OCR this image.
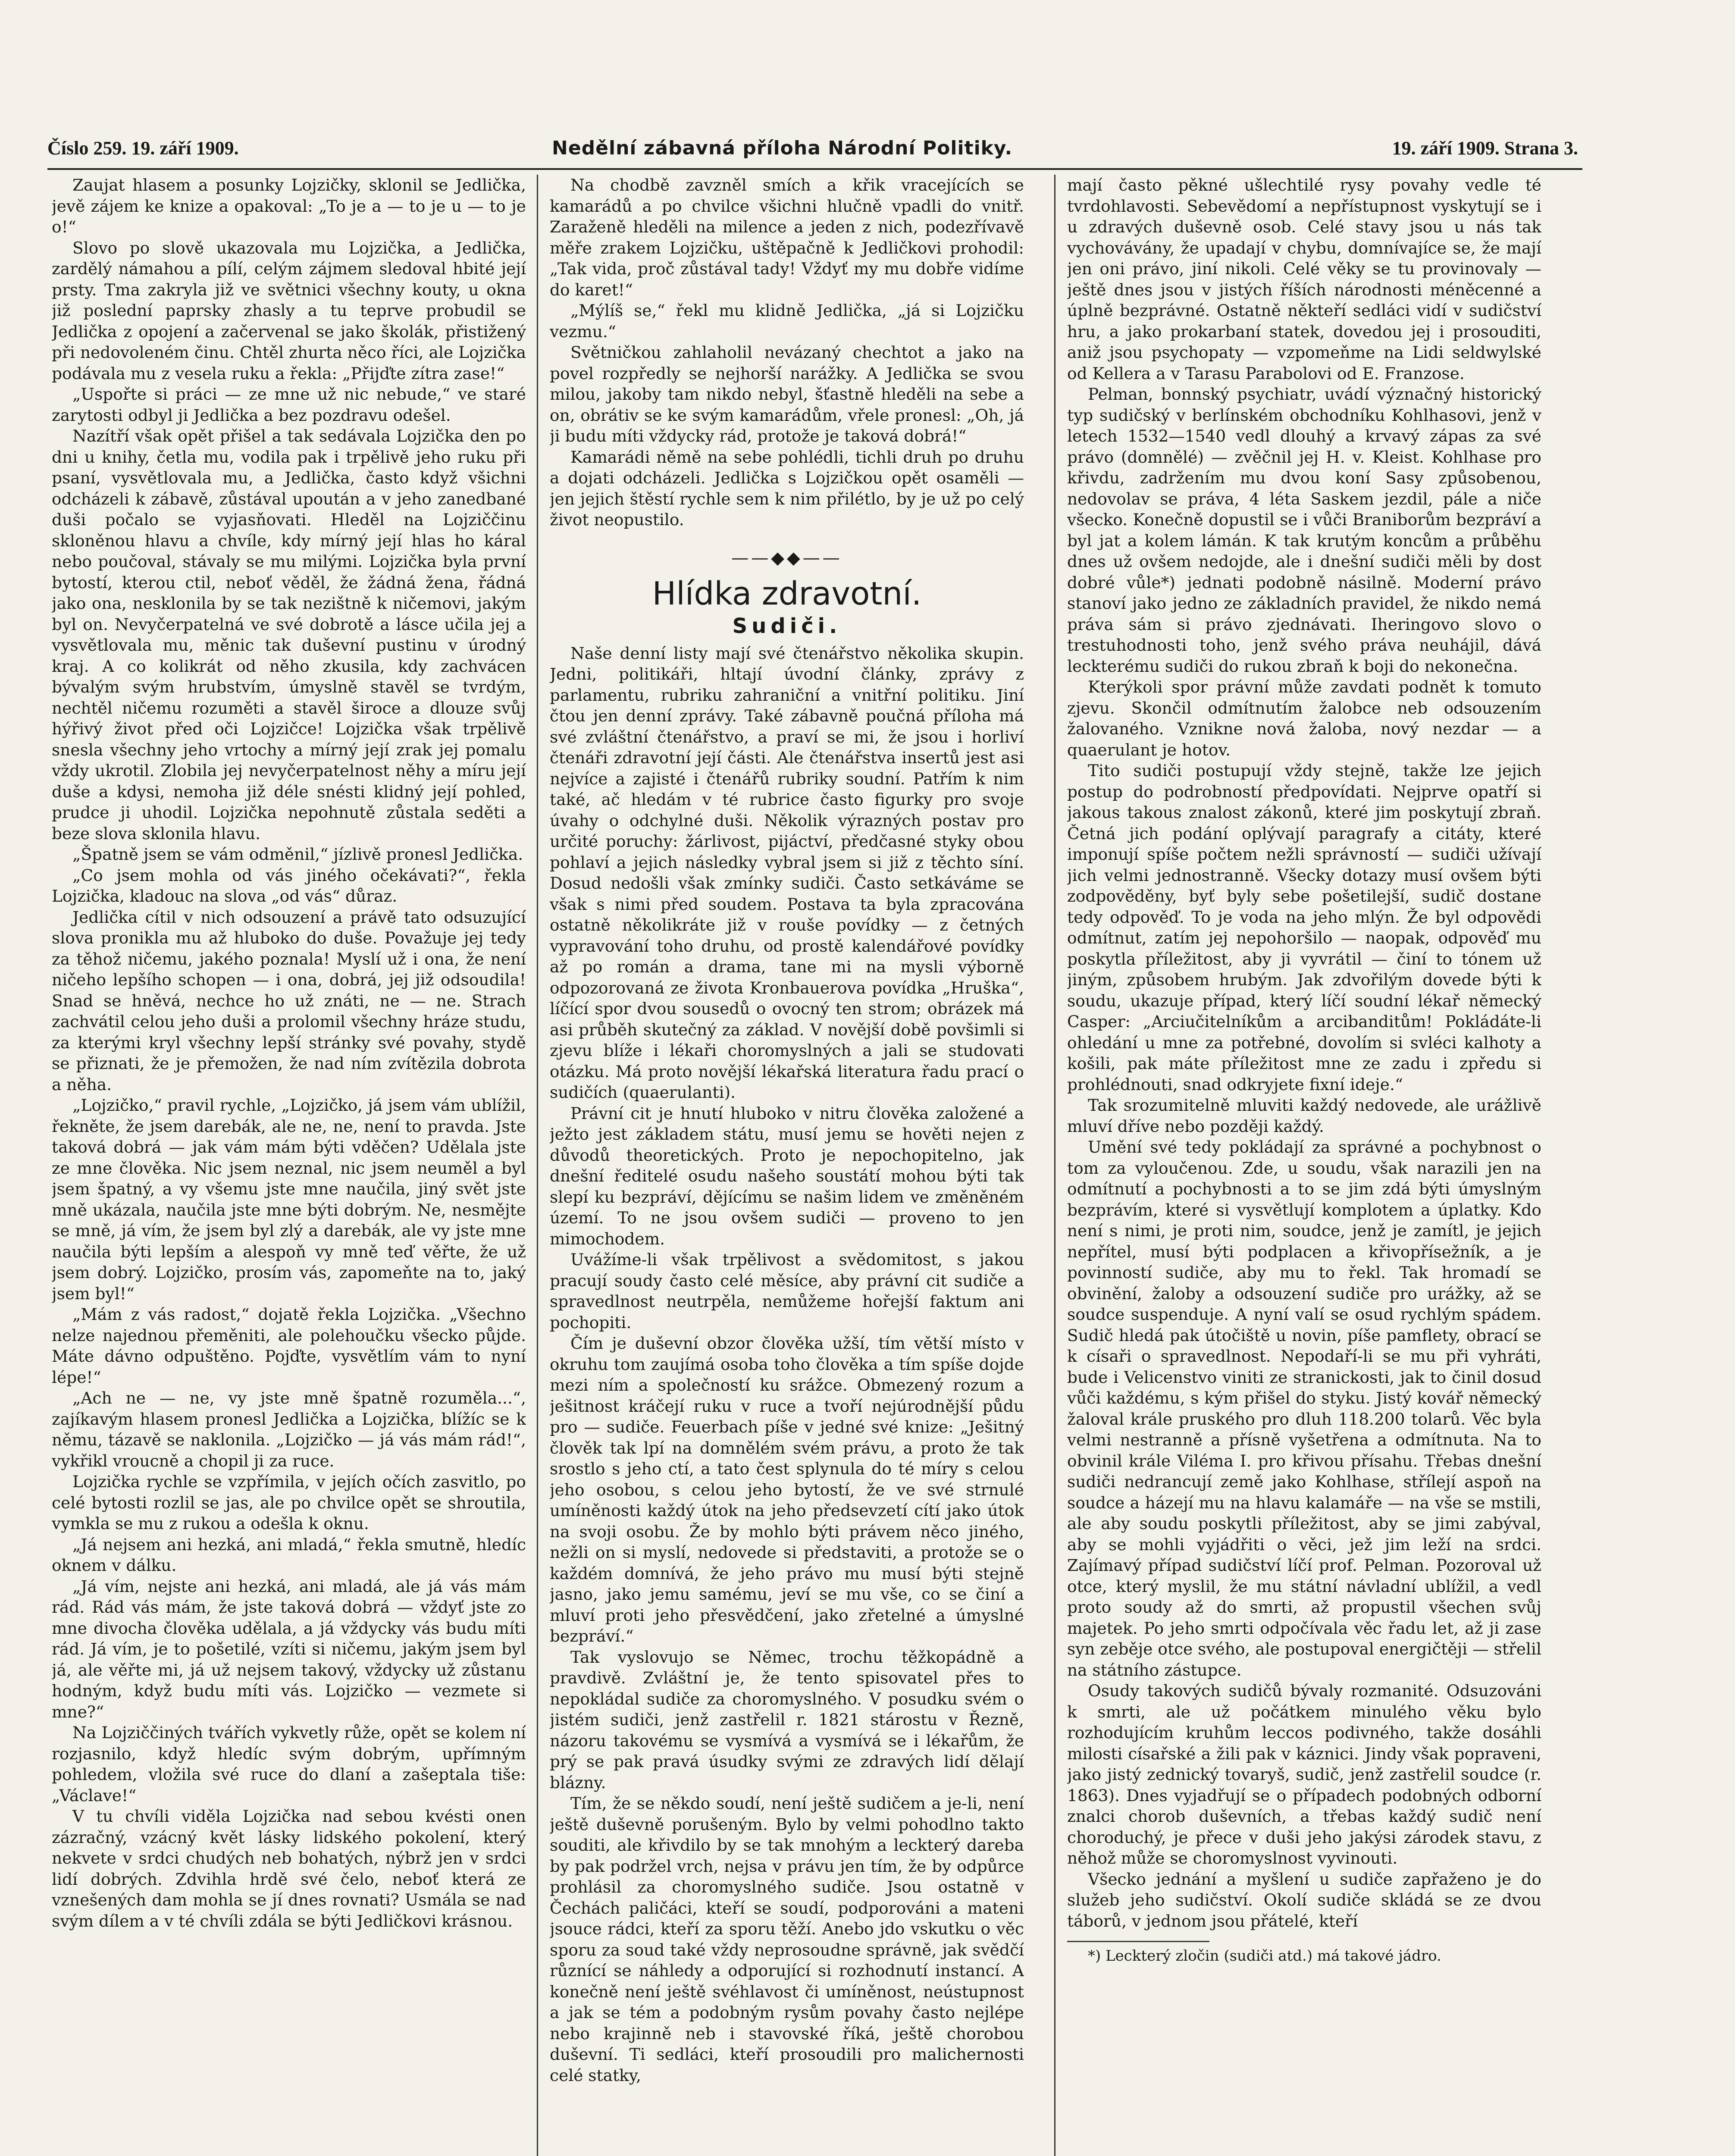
Číslo 259. 19. září 1909.	Nedělní zábavná příloha Národní Politiky.	19. září 1909. Strana 3.

Zaujat hlasem a posunky Lojzičky, sklonil se Jedlička, jevě zájem ke knize a opakoval: „To je a — to je u — to je o!“

Slovo po slově ukazovala mu Lojzička, a Jedlička, zardělý námahou a pílí, celým zájmem sledoval hbité její prsty. Tma zakryla již ve světnici všechny kouty, u okna již poslední paprsky zhasly a tu teprve probudil se Jedlička z opojení a začervenal se jako školák, přistižený při nedovoleném činu. Chtěl zhurta něco říci, ale Lojzička podávala mu z vesela ruku a řekla: „Přijďte zítra zase!“

„Uspořte si práci — ze mne už nic nebude,“ ve staré zarytosti odbyl ji Jedlička a bez pozdravu odešel.

Nazítří však opět přišel a tak sedávala Lojzička den po dni u knihy, četla mu, vodila pak i trpělivě jeho ruku při psaní, vysvětlovala mu, a Jedlička, často když všichni odcházeli k zábavě, zůstával upoután a v jeho zanedbané duši počalo se vyjasňovati. Hleděl na Lojziččinu skloněnou hlavu a chvíle, kdy mírný její hlas ho káral nebo poučoval, stávaly se mu milými. Lojzička byla první bytostí, kterou ctil, neboť věděl, že žádná žena, řádná jako ona, nesklonila by se tak nezištně k ničemovi, jakým byl on. Nevyčerpatelná ve své dobrotě a lásce učila jej a vysvětlovala mu, měnic tak duševní pustinu v úrodný kraj. A co kolikrát od něho zkusila, kdy zachvácen bývalým svým hrubstvím, úmyslně stavěl se tvrdým, nechtěl ničemu rozuměti a stavěl široce a dlouze svůj hýřivý život před oči Lojzičce! Lojzička však trpělivě snesla všechny jeho vrtochy a mírný její zrak jej pomalu vždy ukrotil. Zlobila jej nevyčerpatelnost něhy a míru její duše a kdysi, nemoha již déle snésti klidný její pohled, prudce ji uhodil. Lojzička nepohnutě zůstala seděti a beze slova sklonila hlavu.

„Špatně jsem se vám odměnil,“ jízlivě pronesl Jedlička.

„Co jsem mohla od vás jiného očekávati?“, řekla Lojzička, kladouc na slova „od vás“ důraz.

Jedlička cítil v nich odsouzení a právě tato odsuzující slova pronikla mu až hluboko do duše. Považuje jej tedy za těhož ničemu, jakého poznala! Myslí už i ona, že není ničeho lepšího schopen — i ona, dobrá, jej již odsoudila! Snad se hněvá, nechce ho už znáti, ne — ne. Strach zachvátil celou jeho duši a prolomil všechny hráze studu, za kterými kryl všechny lepší stránky své povahy, stydě se přiznati, že je přemožen, že nad ním zvítězila dobrota a něha.

„Lojzičko,“ pravil rychle, „Lojzičko, já jsem vám ublížil, řekněte, že jsem darebák, ale ne, ne, není to pravda. Jste taková dobrá — jak vám mám býti vděčen? Udělala jste ze mne člověka. Nic jsem neznal, nic jsem neuměl a byl jsem špatný, a vy všemu jste mne naučila, jiný svět jste mně ukázala, naučila jste mne býti dobrým. Ne, nesmějte se mně, já vím, že jsem byl zlý a darebák, ale vy jste mne naučila býti lepším a alespoň vy mně teď věřte, že už jsem dobrý. Lojzičko, prosím vás, zapomeňte na to, jaký jsem byl!“

„Mám z vás radost,“ dojatě řekla Lojzička. „Všechno nelze najednou přeměniti, ale polehoučku všecko půjde. Máte dávno odpuštěno. Pojďte, vysvětlím vám to nyní lépe!“

„Ach ne — ne, vy jste mně špatně rozuměla...“, zajíkavým hlasem pronesl Jedlička a Lojzička, blížíc se k němu, tázavě se naklonila. „Lojzičko — já vás mám rád!“, vykřikl vroucně a chopil ji za ruce.

Lojzička rychle se vzpřímila, v jejích očích zasvitlo, po celé bytosti rozlil se jas, ale po chvilce opět se shroutila, vymkla se mu z rukou a odešla k oknu.

„Já nejsem ani hezká, ani mladá,“ řekla smutně, hledíc oknem v dálku.

„Já vím, nejste ani hezká, ani mladá, ale já vás mám rád. Rád vás mám, že jste taková dobrá — vždyť jste zo mne divocha člověka udělala, a já vždycky vás budu míti rád. Já vím, je to pošetilé, vzíti si ničemu, jakým jsem byl já, ale věřte mi, já už nejsem takový, vždycky už zůstanu hodným, když budu míti vás. Lojzičko — vezmete si mne?“

Na Lojziččiných tvářích vykvetly růže, opět se kolem ní rozjasnilo, když hledíc svým dobrým, upřímným pohledem, vložila své ruce do dlaní a zašeptala tiše: „Václave!“

V tu chvíli viděla Lojzička nad sebou kvésti onen zázračný, vzácný květ lásky lidského pokolení, který nekvete v srdci chudých neb bohatých, nýbrž jen v srdci lidí dobrých. Zdvihla hrdě své čelo, neboť která ze vznešených dam mohla se jí dnes rovnati? Usmála se nad svým dílem a v té chvíli zdála se býti Jedličkovi krásnou.

Na chodbě zavzněl smích a křik vracejících se kamarádů a po chvilce všichni hlučně vpadli do vnitř. Zaraženě hleděli na milence a jeden z nich, podezřívavě měře zrakem Lojzičku, uštěpačně k Jedličkovi prohodil: „Tak vida, proč zůstával tady! Vždyť my mu dobře vidíme do karet!“

„Mýlíš se,“ řekl mu klidně Jedlička, „já si Lojzičku vezmu.“

Světničkou zahlaholil nevázaný chechtot a jako na povel rozpředly se nejhorší narážky. A Jedlička se svou milou, jakoby tam nikdo nebyl, šťastně hleděli na sebe a on, obrátiv se ke svým kamarádům, vřele pronesl: „Oh, já ji budu míti vždycky rád, protože je taková dobrá!“

Kamarádi němě na sebe pohlédli, tichli druh po druhu a dojati odcházeli. Jedlička s Lojzičkou opět osaměli — jen jejich štěstí rychle sem k nim přilétlo, by je už po celý život neopustilo.

——◆◆——
Hlídka zdravotní.
Sudiči.

Naše denní listy mají své čtenářstvo několika skupin. Jedni, politikáři, hltají úvodní články, zprávy z parlamentu, rubriku zahraniční a vnitřní politiku. Jiní čtou jen denní zprávy. Také zábavně poučná příloha má své zvláštní čtenářstvo, a praví se mi, že jsou i horliví čtenáři zdravotní její části. Ale čtenářstva insertů jest asi nejvíce a zajisté i čtenářů rubriky soudní. Patřím k nim také, ač hledám v té rubrice často figurky pro svoje úvahy o odchylné duši. Několik výrazných postav pro určité poruchy: žárlivost, pijáctví, předčasné styky obou pohlaví a jejich následky vybral jsem si již z těchto síní. Dosud nedošli však zmínky sudiči. Často setkáváme se však s nimi před soudem. Postava ta byla zpracována ostatně několikráte již v rouše povídky — z četných vypravování toho druhu, od prostě kalendářové povídky až po román a drama, tane mi na mysli výborně odpozorovaná ze života Kronbauerova povídka „Hruška“, líčící spor dvou sousedů o ovocný ten strom; obrázek má asi průběh skutečný za základ. V novější době povšimli si zjevu blíže i lékaři choromyslných a jali se studovati otázku. Má proto novější lékařská literatura řadu prací o sudičích (quaerulanti).

Právní cit je hnutí hluboko v nitru člověka založené a ježto jest základem státu, musí jemu se hověti nejen z důvodů theoretických. Proto je nepochopitelno, jak dnešní ředitelé osudu našeho soustátí mohou býti tak slepí ku bezpráví, dějícímu se našim lidem ve změněném území. To ne jsou ovšem sudiči — proveno to jen mimochodem.

Uvážíme-li však trpělivost a svědomitost, s jakou pracují soudy často celé měsíce, aby právní cit sudiče a spravedlnost neutrpěla, nemůžeme hořejší faktum ani pochopiti.

Čím je duševní obzor člověka užší, tím větší místo v okruhu tom zaujímá osoba toho člověka a tím spíše dojde mezi ním a společností ku srážce. Obmezený rozum a ješitnost kráčejí ruku v ruce a tvoří nejúrodnější půdu pro — sudiče. Feuerbach píše v jedné své knize: „Ješitný člověk tak lpí na domnělém svém právu, a proto že tak srostlo s jeho ctí, a tato čest splynula do té míry s celou jeho osobou, s celou jeho bytostí, že ve své strnulé umíněnosti každý útok na jeho předsevzetí cítí jako útok na svoji osobu. Že by mohlo býti právem něco jiného, nežli on si myslí, nedovede si představiti, a protože se o každém domnívá, že jeho právo mu musí býti stejně jasno, jako jemu samému, jeví se mu vše, co se činí a mluví proti jeho přesvědčení, jako zřetelné a úmyslné bezpráví.“

Tak vyslovujo se Němec, trochu těžkopádně a pravdivě. Zvláštní je, že tento spisovatel přes to nepokládal sudiče za choromyslného. V posudku svém o jistém sudiči, jenž zastřelil r. 1821 stárostu v Řezně, názoru takovému se vysmívá a vysmívá se i lékařům, že prý se pak pravá úsudky svými ze zdravých lidí dělají blázny.

Tím, že se někdo soudí, není ještě sudičem a je-li, není ještě duševně porušeným. Bylo by velmi pohodlno takto souditi, ale křivdilo by se tak mnohým a leckterý dareba by pak podržel vrch, nejsa v právu jen tím, že by odpůrce prohlásil za choromyslného sudiče. Jsou ostatně v Čechách paličáci, kteří se soudí, podporováni a mateni jsouce rádci, kteří za sporu těží. Anebo jdo vskutku o věc sporu za soud také vždy neprosoudne správně, jak svědčí různící se náhledy a odporující si rozhodnutí instancí. A konečně není ještě svéhlavost či umíněnost, neústupnost a jak se tém a podobným rysům povahy často nejlépe nebo krajinně neb i stavovské říká, ještě chorobou duševní. Ti sedláci, kteří prosoudili pro malichernosti celé statky,

mají často pěkné ušlechtilé rysy povahy vedle té tvrdohlavosti. Sebevědomí a nepřístupnost vyskytují se i u zdravých duševně osob. Celé stavy jsou u nás tak vychovávány, že upadají v chybu, domnívajíce se, že mají jen oni právo, jiní nikoli. Celé věky se tu provinovaly — ještě dnes jsou v jistých říších národnosti méněcenné a úplně bezprávné. Ostatně někteří sedláci vidí v sudičství hru, a jako prokarbaní statek, dovedou jej i prosouditi, aniž jsou psychopaty — vzpomeňme na Lidi seldwylské od Kellera a v Tarasu Parabolovi od E. Franzose.

Pelman, bonnský psychiatr, uvádí význačný historický typ sudičský v berlínském obchodníku Kohlhasovi, jenž v letech 1532—1540 vedl dlouhý a krvavý zápas za své právo (domnělé) — zvěčnil jej H. v. Kleist. Kohlhase pro křivdu, zadržením mu dvou koní Sasy způsobenou, nedovolav se práva, 4 léta Saskem jezdil, pále a niče všecko. Konečně dopustil se i vůči Braniborům bezpráví a byl jat a kolem lámán. K tak krutým koncům a průběhu dnes už ovšem nedojde, ale i dnešní sudiči měli by dost dobré vůle*) jednati podobně násilně. Moderní právo stanoví jako jedno ze základních pravidel, že nikdo nemá práva sám si právo zjednávati. Iheringovo slovo o trestuhodnosti toho, jenž svého práva neuhájil, dává leckterému sudiči do rukou zbraň k boji do nekonečna.

Kterýkoli spor právní může zavdati podnět k tomuto zjevu. Skončil odmítnutím žalobce neb odsouzením žalovaného. Vznikne nová žaloba, nový nezdar — a quaerulant je hotov.

Tito sudiči postupují vždy stejně, takže lze jejich postup do podrobností předpovídati. Nejprve opatří si jakous takous znalost zákonů, které jim poskytují zbraň. Četná jich podání oplývají paragrafy a citáty, které imponují spíše počtem nežli správností — sudiči užívají jich velmi jednostranně. Všecky dotazy musí ovšem býti zodpověděny, byť byly sebe pošetilejší, sudič dostane tedy odpověď. To je voda na jeho mlýn. Že byl odpovědi odmítnut, zatím jej nepohoršilo — naopak, odpověď mu poskytla příležitost, aby ji vyvrátil — činí to tónem už jiným, způsobem hrubým. Jak zdvořilým dovede býti k soudu, ukazuje případ, který líčí soudní lékař německý Casper: „Arciučitelníkům a arcibanditům! Pokládáte-li ohledání u mne za potřebné, dovolím si svléci kalhoty a košili, pak máte příležitost mne ze zadu i zpředu si prohlédnouti, snad odkryjete fixní ideje.“

Tak srozumitelně mluviti každý nedovede, ale urážlivě mluví dříve nebo později každý.

Umění své tedy pokládají za správné a pochybnost o tom za vyloučenou. Zde, u soudu, však narazili jen na odmítnutí a pochybnosti a to se jim zdá býti úmyslným bezprávím, které si vysvětlují komplotem a úplatky. Kdo není s nimi, je proti nim, soudce, jenž je zamítl, je jejich nepřítel, musí býti podplacen a křivopřísežník, a je povinností sudiče, aby mu to řekl. Tak hromadí se obvinění, žaloby a odsouzení sudiče pro urážky, až se soudce suspenduje. A nyní valí se osud rychlým spádem. Sudič hledá pak útočiště u novin, píše pamflety, obrací se k císaři o spravedlnost. Nepodaří-li se mu při vyhráti, bude i Velicenstvo viniti ze stranickosti, jak to činil dosud vůči každému, s kým přišel do styku. Jistý kovář německý žaloval krále pruského pro dluh 118.200 tolarů. Věc byla velmi nestranně a přísně vyšetřena a odmítnuta. Na to obvinil krále Viléma I. pro křivou přísahu. Třebas dnešní sudiči nedrancují země jako Kohlhase, střílejí aspoň na soudce a házejí mu na hlavu kalamáře — na vše se mstili, ale aby soudu poskytli příležitost, aby se jimi zabýval, aby se mohli vyjádřiti o věci, jež jim leží na srdci. Zajímavý případ sudičství líčí prof. Pelman. Pozoroval už otce, který myslil, že mu státní návladní ublížil, a vedl proto soudy až do smrti, až propustil všechen svůj majetek. Po jeho smrti odpočívala věc řadu let, až ji zase syn zeběje otce svého, ale postupoval energičtěji — střelil na státního zástupce.

Osudy takových sudičů bývaly rozmanité. Odsuzováni k smrti, ale už počátkem minulého věku bylo rozhodujícím kruhům leccos podivného, takže dosáhli milosti císařské a žili pak v káznici. Jindy však popraveni, jako jistý zednický tovaryš, sudič, jenž zastřelil soudce (r. 1863). Dnes vyjadřují se o případech podobných odborní znalci chorob duševních, a třebas každý sudič není choroduchý, je přece v duši jeho jakýsi zárodek stavu, z něhož může se choromyslnost vyvinouti.

Všecko jednání a myšlení u sudiče zapřaženo je do služeb jeho sudičství. Okolí sudiče skládá se ze dvou táborů, v jednom jsou přátelé, kteří

*) Leckterý zločin (sudiči atd.) má takové jádro.
